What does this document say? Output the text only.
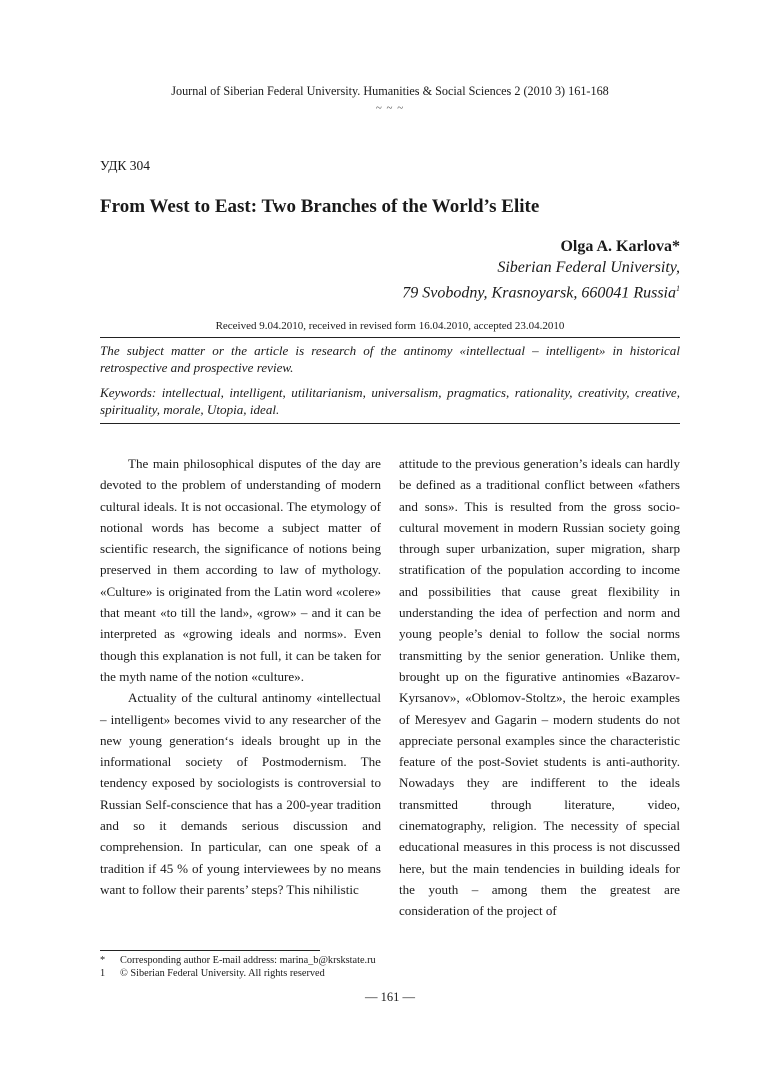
Journal of Siberian Federal University. Humanities & Social Sciences 2 (2010 3) 161-168
~ ~ ~
УДК 304
From West to East: Two Branches of the World’s Elite
Olga A. Karlova*
Siberian Federal University,
79 Svobodny, Krasnoyarsk, 660041 Russia$^1$
Received 9.04.2010, received in revised form 16.04.2010, accepted 23.04.2010

The subject matter or the article is research of the antinomy «intellectual – intelligent» in historical retrospective and prospective review.

Keywords: intellectual, intelligent, utilitarianism, universalism, pragmatics, rationality, creativity, creative, spirituality, morale, Utopia, ideal.

The main philosophical disputes of the day are devoted to the problem of understanding of modern cultural ideals. It is not occasional. The etymology of notional words has become a subject matter of scientific research, the significance of notions being preserved in them according to law of mythology. «Culture» is originated from the Latin word «colere» that meant «to till the land», «grow» – and it can be interpreted as «growing ideals and norms». Even though this explanation is not full, it can be taken for the myth name of the notion «culture».

Actuality of the cultural antinomy «intellectual – intelligent» becomes vivid to any researcher of the new young generation‘s ideals brought up in the informational society of Postmodernism. The tendency exposed by sociologists is controversial to Russian Self-conscience that has a 200-year tradition and so it demands serious discussion and comprehension. In particular, can one speak of a tradition if 45 % of young interviewees by no means want to follow their parents’ steps? This nihilistic

attitude to the previous generation’s ideals can hardly be defined as a traditional conflict between «fathers and sons». This is resulted from the gross socio-cultural movement in modern Russian society going through super urbanization, super migration, sharp stratification of the population according to income and possibilities that cause great flexibility in understanding the idea of perfection and norm and young people’s denial to follow the social norms transmitting by the senior generation. Unlike them, brought up on the figurative antinomies «Bazarov-Kyrsanov», «Oblomov-Stoltz», the heroic examples of Meresyev and Gagarin – modern students do not appreciate personal examples since the characteristic feature of the post-Soviet students is anti-authority. Nowadays they are indifferent to the ideals transmitted through literature, video, cinematography, religion. The necessity of special educational measures in this process is not discussed here, but the main tendencies in building ideals for the youth – among them the greatest are consideration of the project of

* Corresponding author E-mail address: marina_b@krskstate.ru
1 © Siberian Federal University. All rights reserved
— 161 —
